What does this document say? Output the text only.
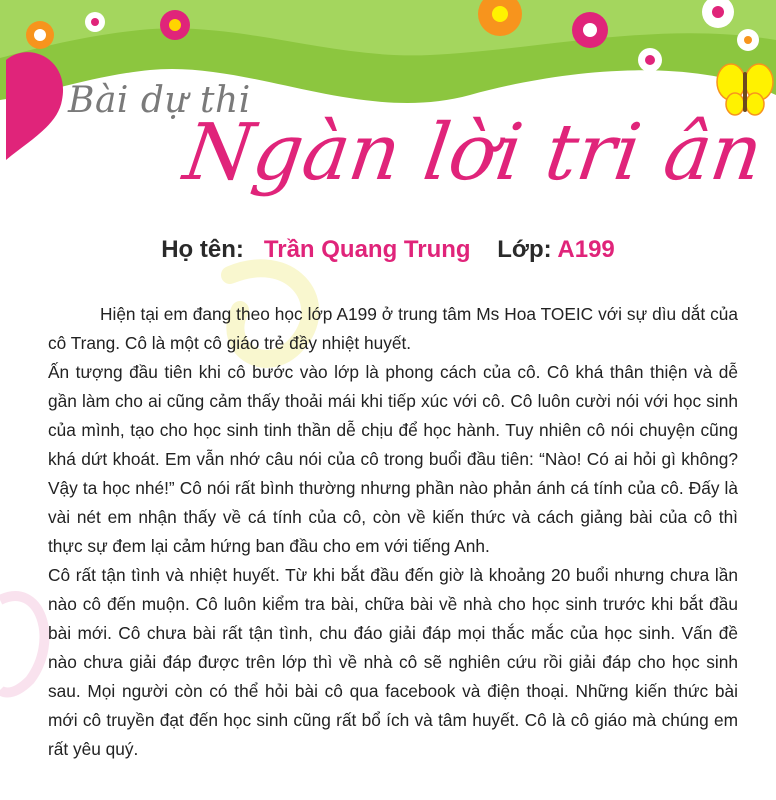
Bài dự thi
Ngàn lời tri ân
Họ tên: Trần Quang Trung Lớp: A199

Hiện tại em đang theo học lớp A199 ở trung tâm Ms Hoa TOEIC với sự dìu dắt của cô Trang. Cô là một cô giáo trẻ đầy nhiệt huyết.

Ấn tượng đầu tiên khi cô bước vào lớp là phong cách của cô. Cô khá thân thiện và dễ gần làm cho ai cũng cảm thấy thoải mái khi tiếp xúc với cô. Cô luôn cười nói với học sinh của mình, tạo cho học sinh tinh thần dễ chịu để học hành. Tuy nhiên cô nói chuyện cũng khá dứt khoát. Em vẫn nhớ câu nói của cô trong buổi đầu tiên: “Nào! Có ai hỏi gì không? Vậy ta học nhé!” Cô nói rất bình thường nhưng phần nào phản ánh cá tính của cô. Đấy là vài nét em nhận thấy về cá tính của cô, còn về kiến thức và cách giảng bài của cô thì thực sự đem lại cảm hứng ban đầu cho em với tiếng Anh.

Cô rất tận tình và nhiệt huyết. Từ khi bắt đầu đến giờ là khoảng 20 buổi nhưng chưa lần nào cô đến muộn. Cô luôn kiểm tra bài, chữa bài về nhà cho học sinh trước khi bắt đầu bài mới. Cô chưa bài rất tận tình, chu đáo giải đáp mọi thắc mắc của học sinh. Vấn đề nào chưa giải đáp được trên lớp thì về nhà cô sẽ nghiên cứu rồi giải đáp cho học sinh sau. Mọi người còn có thể hỏi bài cô qua facebook và điện thoại. Những kiến thức bài mới cô truyền đạt đến học sinh cũng rất bổ ích và tâm huyết. Cô là cô giáo mà chúng em rất yêu quý.
